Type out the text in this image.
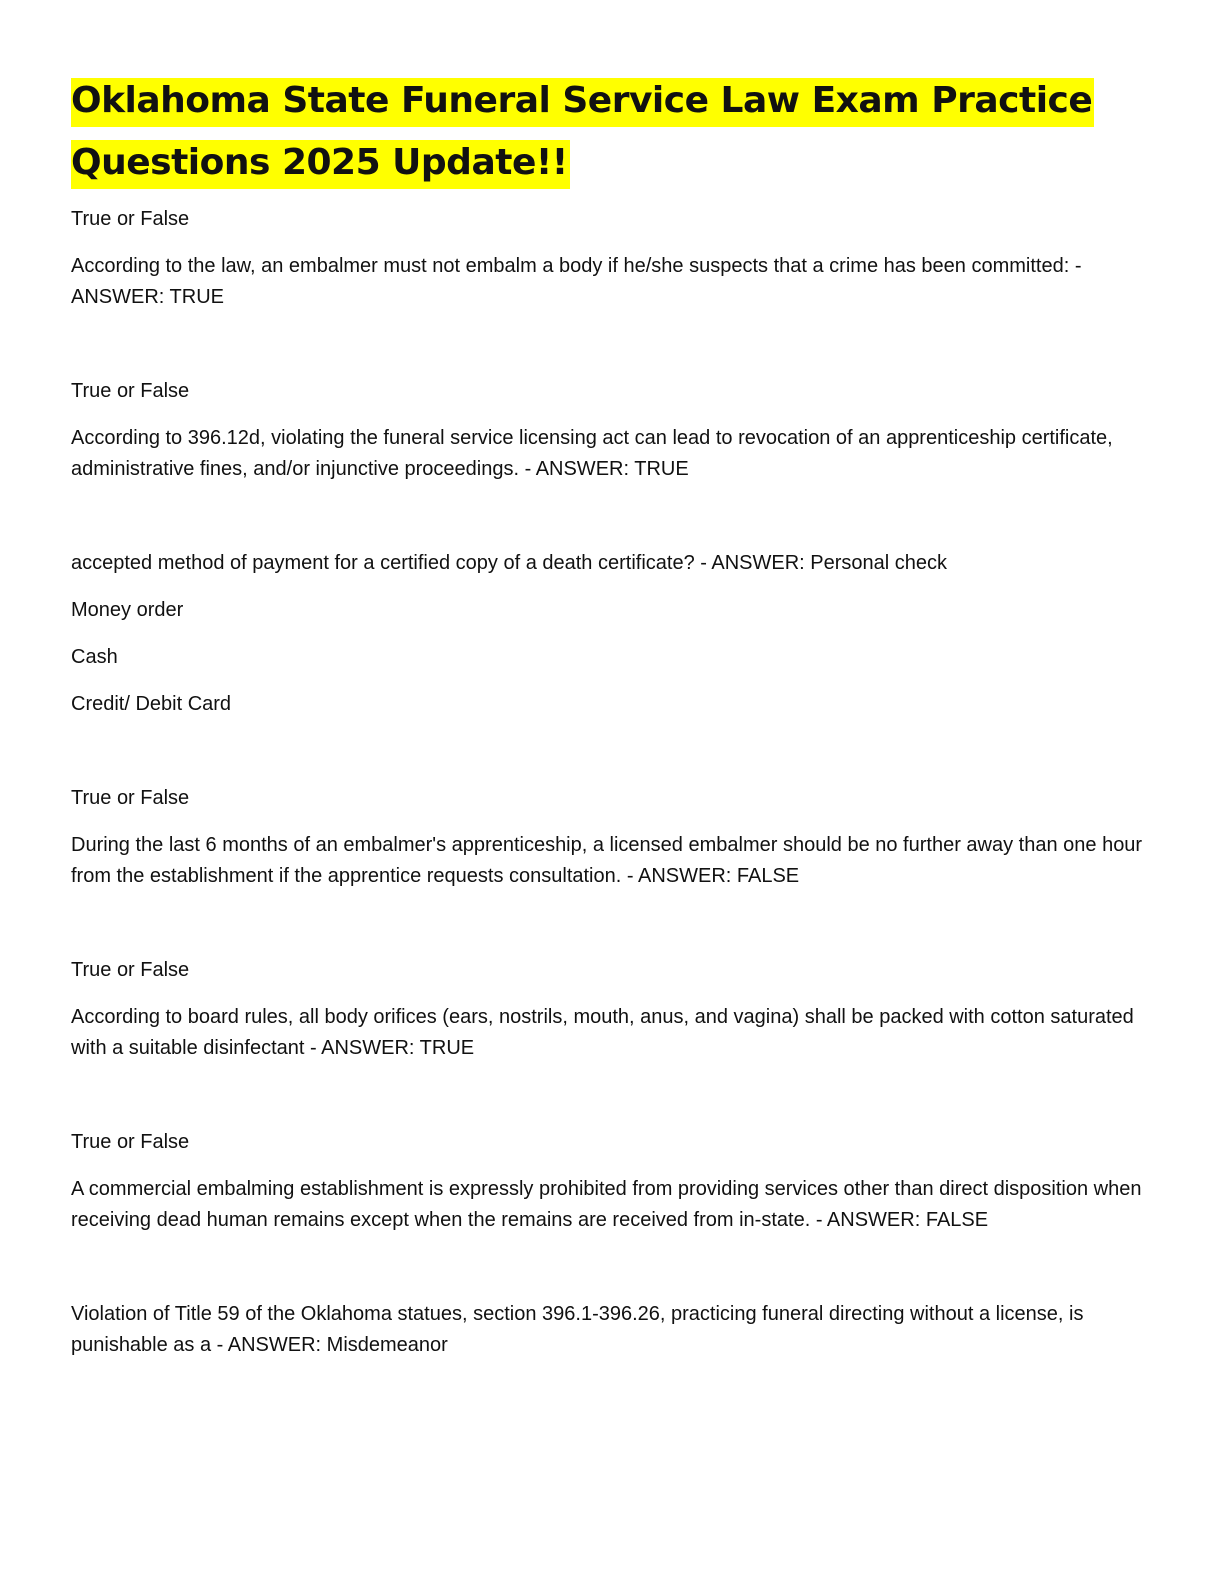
Oklahoma State Funeral Service Law Exam Practice
Questions 2025 Update!!

True or False

According to the law, an embalmer must not embalm a body if he/she suspects that a crime has been committed: - ANSWER: TRUE

True or False

According to 396.12d, violating the funeral service licensing act can lead to revocation of an apprenticeship certificate, administrative fines, and/or injunctive proceedings. - ANSWER: TRUE

accepted method of payment for a certified copy of a death certificate? - ANSWER: Personal check

Money order

Cash

Credit/ Debit Card

True or False

During the last 6 months of an embalmer's apprenticeship, a licensed embalmer should be no further away than one hour from the establishment if the apprentice requests consultation. - ANSWER: FALSE

True or False

According to board rules, all body orifices (ears, nostrils, mouth, anus, and vagina) shall be packed with cotton saturated with a suitable disinfectant - ANSWER: TRUE

True or False

A commercial embalming establishment is expressly prohibited from providing services other than direct disposition when receiving dead human remains except when the remains are received from in-state. - ANSWER: FALSE

Violation of Title 59 of the Oklahoma statues, section 396.1-396.26, practicing funeral directing without a license, is punishable as a - ANSWER: Misdemeanor
